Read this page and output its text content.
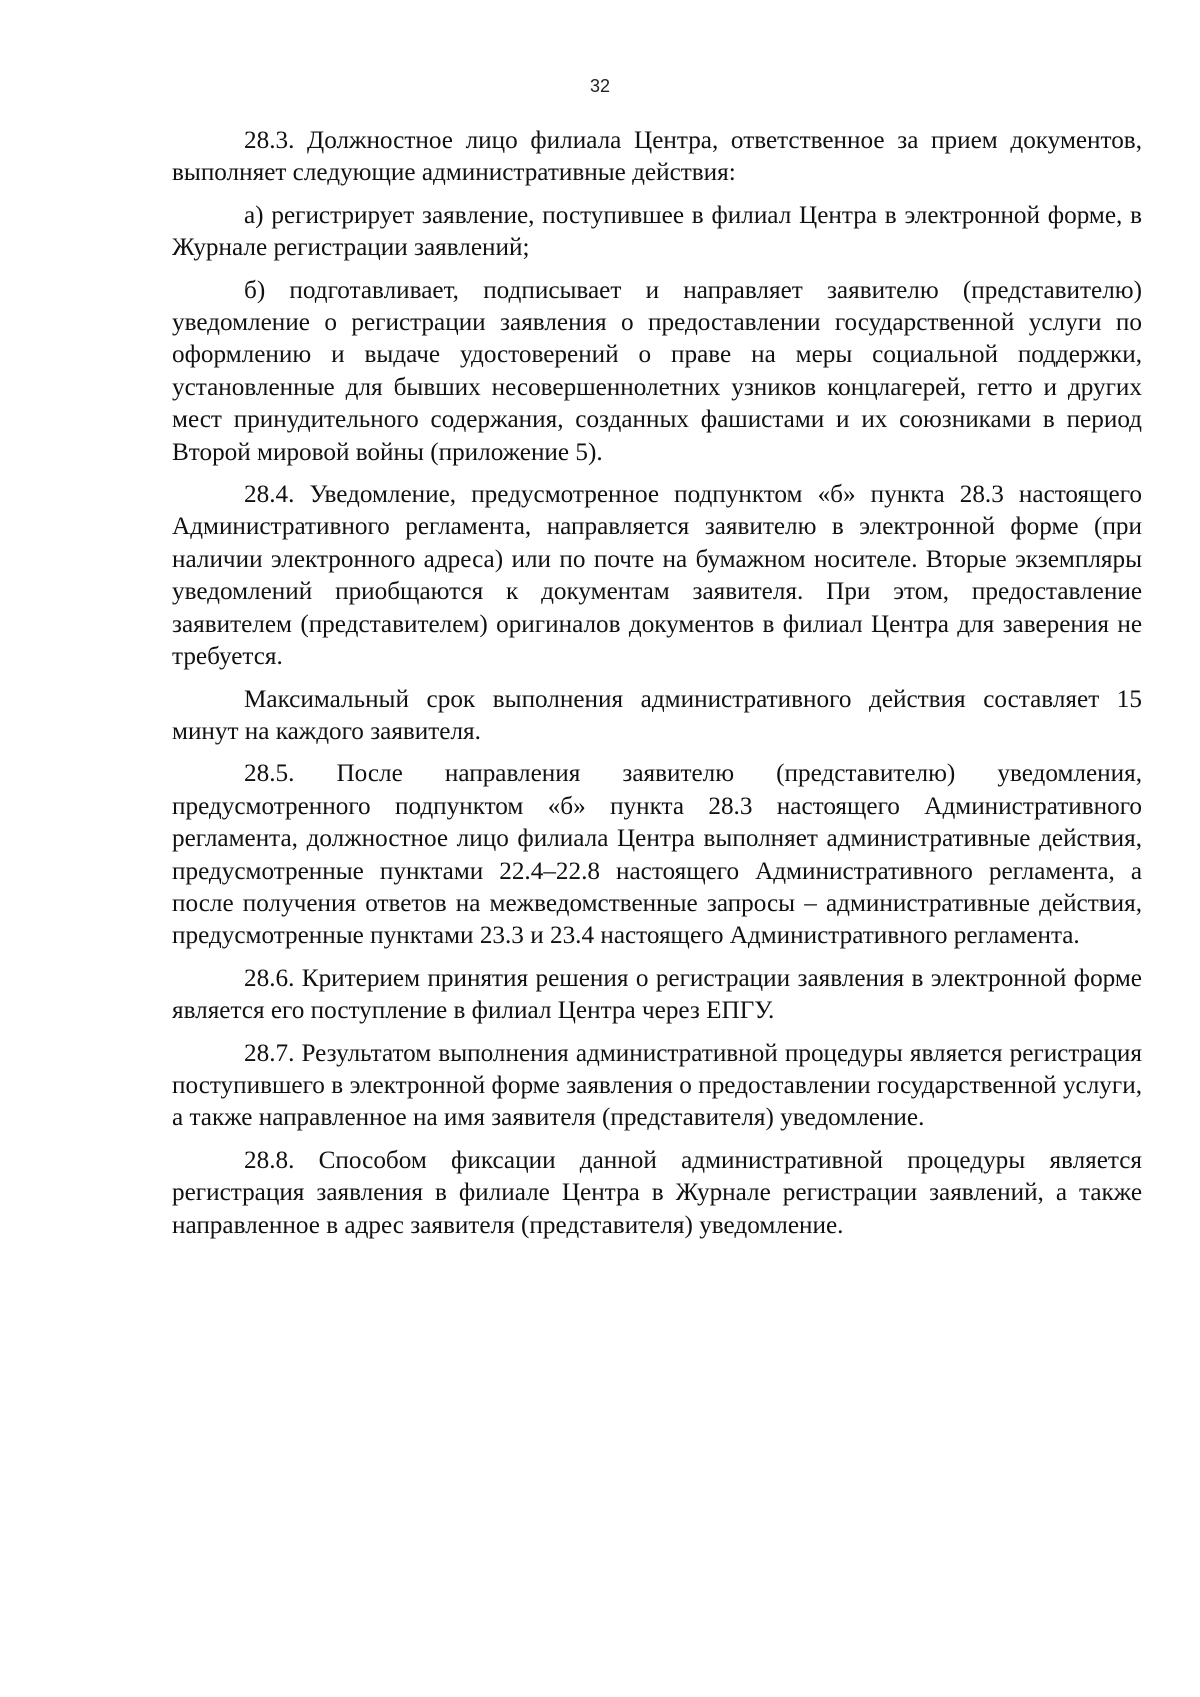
32

28.3. Должностное лицо филиала Центра, ответственное за прием документов, выполняет следующие административные действия:

а) регистрирует заявление, поступившее в филиал Центра в электронной форме, в Журнале регистрации заявлений;

б) подготавливает, подписывает и направляет заявителю (представителю) уведомление о регистрации заявления о предоставлении государственной услуги по оформлению и выдаче удостоверений о праве на меры социальной поддержки, установленные для бывших несовершеннолетних узников концлагерей, гетто и других мест принудительного содержания, созданных фашистами и их союзниками в период Второй мировой войны (приложение 5).

28.4. Уведомление, предусмотренное подпунктом «б» пункта 28.3 настоящего Административного регламента, направляется заявителю в электронной форме (при наличии электронного адреса) или по почте на бумажном носителе. Вторые экземпляры уведомлений приобщаются к документам заявителя. При этом, предоставление заявителем (представителем) оригиналов документов в филиал Центра для заверения не требуется.

Максимальный срок выполнения административного действия составляет 15 минут на каждого заявителя.

28.5. После направления заявителю (представителю) уведомления, предусмотренного подпунктом «б» пункта 28.3 настоящего Административного регламента, должностное лицо филиала Центра выполняет административные действия, предусмотренные пунктами 22.4–22.8 настоящего Административного регламента, а после получения ответов на межведомственные запросы – административные действия, предусмотренные пунктами 23.3 и 23.4 настоящего Административного регламента.

28.6. Критерием принятия решения о регистрации заявления в электронной форме является его поступление в филиал Центра через ЕПГУ.

28.7. Результатом выполнения административной процедуры является регистрация поступившего в электронной форме заявления о предоставлении государственной услуги, а также направленное на имя заявителя (представителя) уведомление.

28.8. Способом фиксации данной административной процедуры является регистрация заявления в филиале Центра в Журнале регистрации заявлений, а также направленное в адрес заявителя (представителя) уведомление.
